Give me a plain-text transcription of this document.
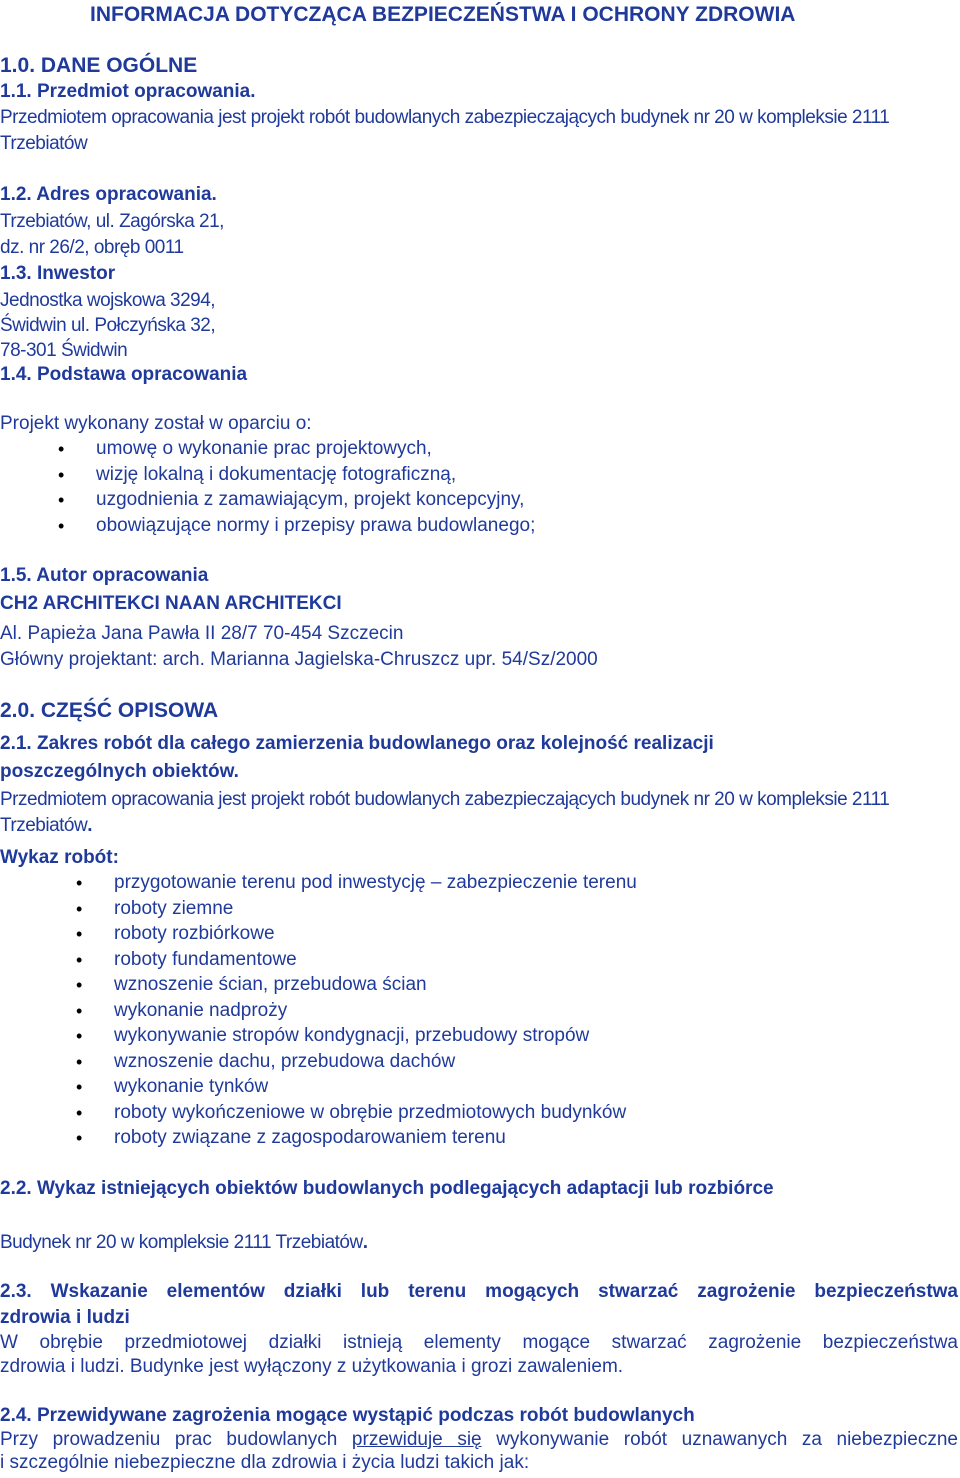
INFORMACJA DOTYCZĄCA BEZPIECZEŃSTWA I OCHRONY ZDROWIA
1.0. DANE OGÓLNE
1.1. Przedmiot opracowania.
Przedmiotem opracowania jest projekt robót budowlanych zabezpieczających budynek nr 20 w kompleksie 2111
Trzebiatów
1.2. Adres opracowania.
Trzebiatów, ul. Zagórska 21,
dz. nr 26/2, obręb 0011
1.3. Inwestor
Jednostka wojskowa 3294,
Świdwin ul. Połczyńska 32,
78-301 Świdwin
1.4. Podstawa opracowania
Projekt wykonany został w oparciu o:
• umowę o wykonanie prac projektowych,
• wizję lokalną i dokumentację fotograficzną,
• uzgodnienia z zamawiającym, projekt koncepcyjny,
• obowiązujące normy i przepisy prawa budowlanego;
1.5. Autor opracowania
CH2 ARCHITEKCI NAAN ARCHITEKCI
Al. Papieża Jana Pawła II 28/7 70-454 Szczecin
Główny projektant: arch. Marianna Jagielska-Chruszcz upr. 54/Sz/2000
2.0. CZĘŚĆ OPISOWA
2.1. Zakres robót dla całego zamierzenia budowlanego oraz kolejność realizacji
poszczególnych obiektów.
Przedmiotem opracowania jest projekt robót budowlanych zabezpieczających budynek nr 20 w kompleksie 2111
Trzebiatów.
Wykaz robót:
• przygotowanie terenu pod inwestycję – zabezpieczenie terenu
• roboty ziemne
• roboty rozbiórkowe
• roboty fundamentowe
• wznoszenie ścian, przebudowa ścian
• wykonanie nadproży
• wykonywanie stropów kondygnacji, przebudowy stropów
• wznoszenie dachu, przebudowa dachów
• wykonanie tynków
• roboty wykończeniowe w obrębie przedmiotowych budynków
• roboty związane z zagospodarowaniem terenu
2.2. Wykaz istniejących obiektów budowlanych podlegających adaptacji lub rozbiórce
Budynek nr 20 w kompleksie 2111 Trzebiatów.
2.3. Wskazanie elementów działki lub terenu mogących stwarzać zagrożenie bezpieczeństwa
zdrowia i ludzi
W obrębie przedmiotowej działki istnieją elementy mogące stwarzać zagrożenie bezpieczeństwa
zdrowia i ludzi. Budynke jest wyłączony z użytkowania i grozi zawaleniem.
2.4. Przewidywane zagrożenia mogące wystąpić podczas robót budowlanych
Przy prowadzeniu prac budowlanych przewiduje się wykonywanie robót uznawanych za niebezpieczne
i szczególnie niebezpieczne dla zdrowia i życia ludzi takich jak:
